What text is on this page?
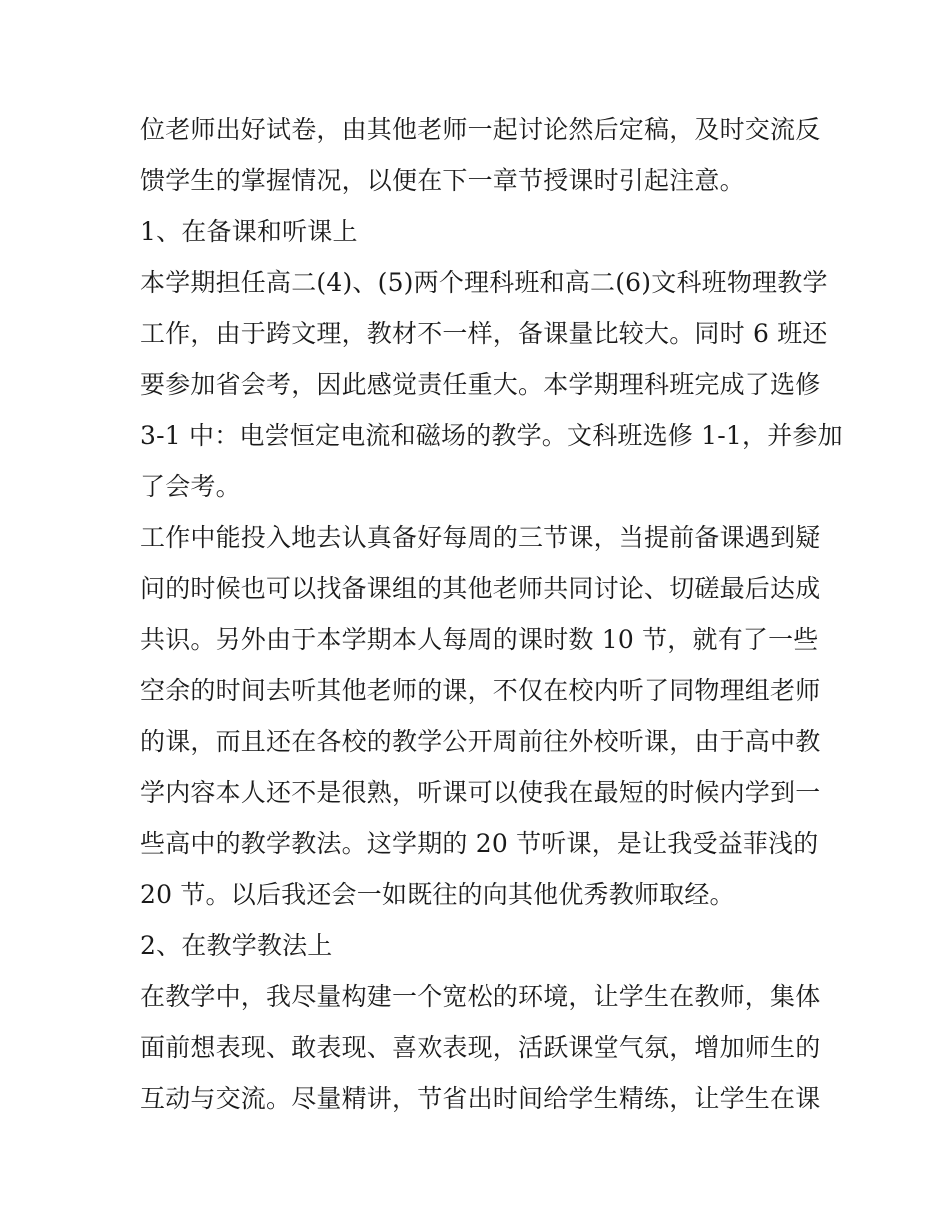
位老师出好试卷，由其他老师一起讨论然后定稿，及时交流反
馈学生的掌握情况，以便在下一章节授课时引起注意。
1、在备课和听课上
本学期担任高二(4)、(5)两个理科班和高二(6)文科班物理教学
工作，由于跨文理，教材不一样，备课量比较大。同时 6 班还
要参加省会考，因此感觉责任重大。本学期理科班完成了选修
3-1 中：电尝恒定电流和磁场的教学。文科班选修 1-1，并参加
了会考。
工作中能投入地去认真备好每周的三节课，当提前备课遇到疑
问的时候也可以找备课组的其他老师共同讨论、切磋最后达成
共识。另外由于本学期本人每周的课时数 10 节，就有了一些
空余的时间去听其他老师的课，不仅在校内听了同物理组老师
的课，而且还在各校的教学公开周前往外校听课，由于高中教
学内容本人还不是很熟，听课可以使我在最短的时候内学到一
些高中的教学教法。这学期的 20 节听课，是让我受益菲浅的
20 节。以后我还会一如既往的向其他优秀教师取经。
2、在教学教法上
在教学中，我尽量构建一个宽松的环境，让学生在教师，集体
面前想表现、敢表现、喜欢表现，活跃课堂气氛，增加师生的
互动与交流。尽量精讲，节省出时间给学生精练，让学生在课
